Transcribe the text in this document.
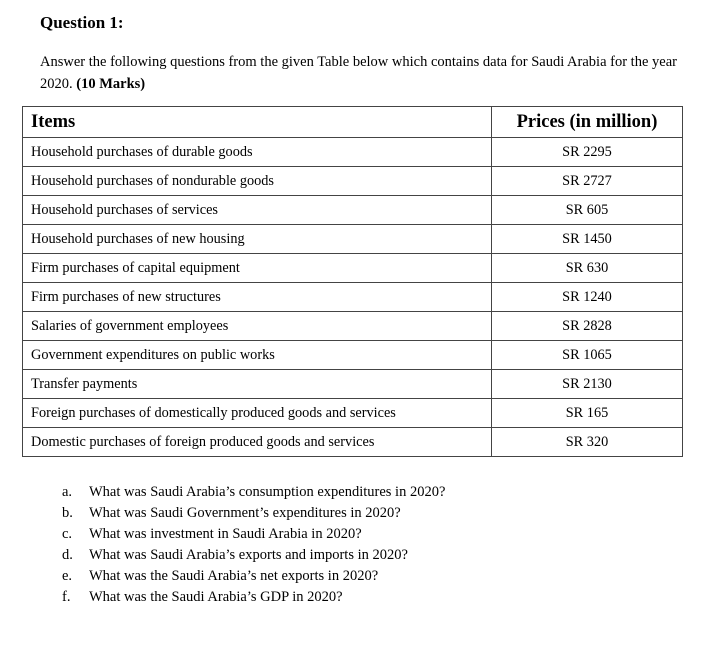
Question 1:
Answer the following questions from the given Table below which contains data for Saudi Arabia for the year 2020. (10 Marks)
Items	Prices (in million)
Household purchases of durable goods	SR 2295
Household purchases of nondurable goods	SR 2727
Household purchases of services	SR 605
Household purchases of new housing	SR 1450
Firm purchases of capital equipment	SR 630
Firm purchases of new structures	SR 1240
Salaries of government employees	SR 2828
Government expenditures on public works	SR 1065
Transfer payments	SR 2130
Foreign purchases of domestically produced goods and services	SR 165
Domestic purchases of foreign produced goods and services	SR 320
a. What was Saudi Arabia’s consumption expenditures in 2020?
b. What was Saudi Government’s expenditures in 2020?
c. What was investment in Saudi Arabia in 2020?
d. What was Saudi Arabia’s exports and imports in 2020?
e. What was the Saudi Arabia’s net exports in 2020?
f. What was the Saudi Arabia’s GDP in 2020?
